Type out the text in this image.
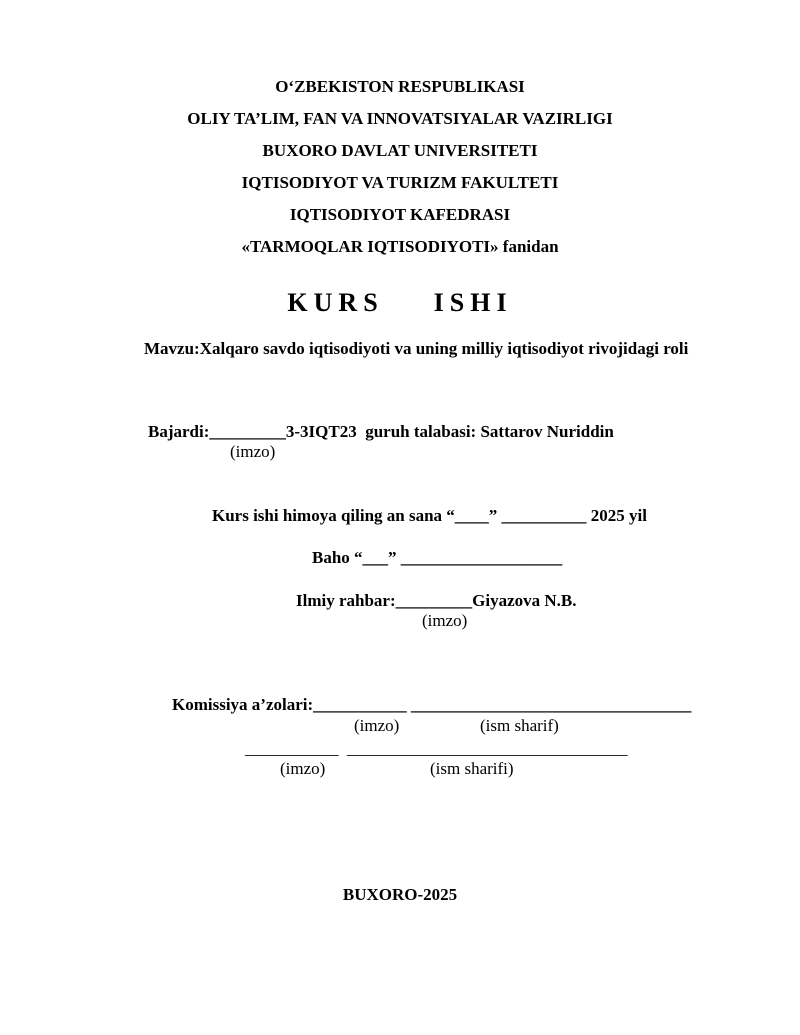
O‘ZBEKISTON RESPUBLIKASI
OLIY TA’LIM, FAN VA INNOVATSIYALAR VAZIRLIGI
BUXORO DAVLAT UNIVERSITETI
IQTISODIYOT VA TURIZM FAKULTETI
IQTISODIYOT KAFEDRASI
«TARMOQLAR IQTISODIYOTI» fanidan
KURS    ISHI
Mavzu:Xalqaro savdo iqtisodiyoti va uning milliy iqtisodiyot rivojidagi roli
Bajardi:_________3-3IQT23  guruh talabasi: Sattarov Nuriddin
(imzo)
Kurs ishi himoya qiling an sana “____” __________ 2025 yil
Baho “___” ___________________
Ilmiy rahbar:_________Giyazova N.B.
(imzo)
Komissiya a’zolari:___________ _________________________________
(imzo)	(ism sharif)
___________  _________________________________
(imzo)	(ism sharifi)
BUXORO-2025
